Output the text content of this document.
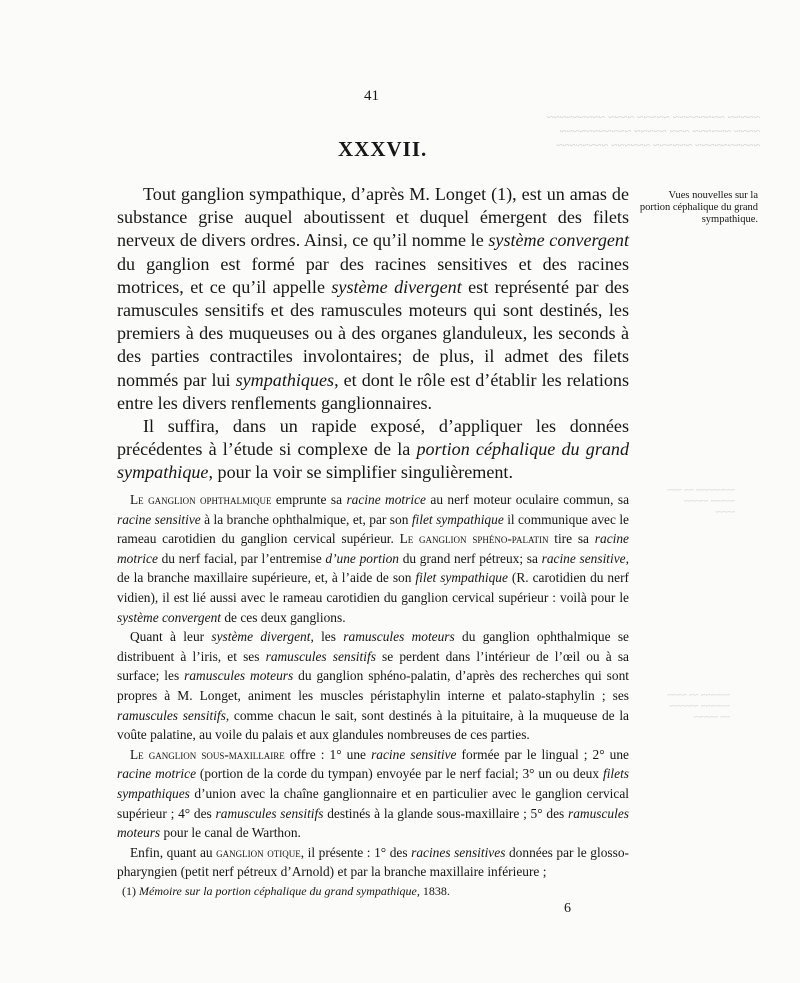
~~~~~ ~~~~~~~~ ~~~~~ ~~~~ ~~~~~~~~~
~~~~ ~~~~~~ ~~~ ~~~~~ ~~~~~~~~~~~
~~~~~~~~~~ ~~~~~~ ~~~~~~ ~~~~~~~~
~~~~~~~~ ~~ ~~~
~~~~~ ~~~~~
~~~~
~~~~~~ ~~ ~~~~
~~~~~~ ~~~~~~
~~ ~~~~~
41
XXXVII.
Vues nouvelles sur la portion céphalique du grand sympathique.

Tout ganglion sympathique, d’après M. Longet (1), est un amas de substance grise auquel aboutissent et duquel émergent des filets nerveux de divers ordres. Ainsi, ce qu’il nomme le système convergent du ganglion est formé par des racines sensitives et des racines motrices, et ce qu’il appelle système divergent est représenté par des ramuscules sensitifs et des ramuscules moteurs qui sont destinés, les premiers à des muqueuses ou à des organes glanduleux, les seconds à des parties contractiles involontaires; de plus, il admet des filets nommés par lui sympathiques, et dont le rôle est d’établir les relations entre les divers renflements ganglionnaires.

Il suffira, dans un rapide exposé, d’appliquer les données précédentes à l’étude si complexe de la portion céphalique du grand sympathique, pour la voir se simplifier singulièrement.

Le ganglion ophthalmique emprunte sa racine motrice au nerf moteur oculaire commun, sa racine sensitive à la branche ophthalmique, et, par son filet sympathique il communique avec le rameau carotidien du ganglion cervical supérieur. Le ganglion sphéno-palatin tire sa racine motrice du nerf facial, par l’entremise d’une portion du grand nerf pétreux; sa racine sensitive, de la branche maxillaire supérieure, et, à l’aide de son filet sympathique (R. carotidien du nerf vidien), il est lié aussi avec le rameau carotidien du ganglion cervical supérieur : voilà pour le système convergent de ces deux ganglions.

Quant à leur système divergent, les ramuscules moteurs du ganglion ophthalmique se distribuent à l’iris, et ses ramuscules sensitifs se perdent dans l’intérieur de l’œil ou à sa surface; les ramuscules moteurs du ganglion sphéno-palatin, d’après des recherches qui sont propres à M. Longet, animent les muscles péristaphylin interne et palato-staphylin ; ses ramuscules sensitifs, comme chacun le sait, sont destinés à la pituitaire, à la muqueuse de la voûte palatine, au voile du palais et aux glandules nombreuses de ces parties.

Le ganglion sous-maxillaire offre : 1° une racine sensitive formée par le lingual ; 2° une racine motrice (portion de la corde du tympan) envoyée par le nerf facial; 3° un ou deux filets sympathiques d’union avec la chaîne ganglionnaire et en particulier avec le ganglion cervical supérieur ; 4° des ramuscules sensitifs destinés à la glande sous-maxillaire ; 5° des ramuscules moteurs pour le canal de Warthon.

Enfin, quant au ganglion otique, il présente : 1° des racines sensitives données par le glosso-pharyngien (petit nerf pétreux d’Arnold) et par la branche maxillaire inférieure ;

(1) Mémoire sur la portion céphalique du grand sympathique, 1838.
6
